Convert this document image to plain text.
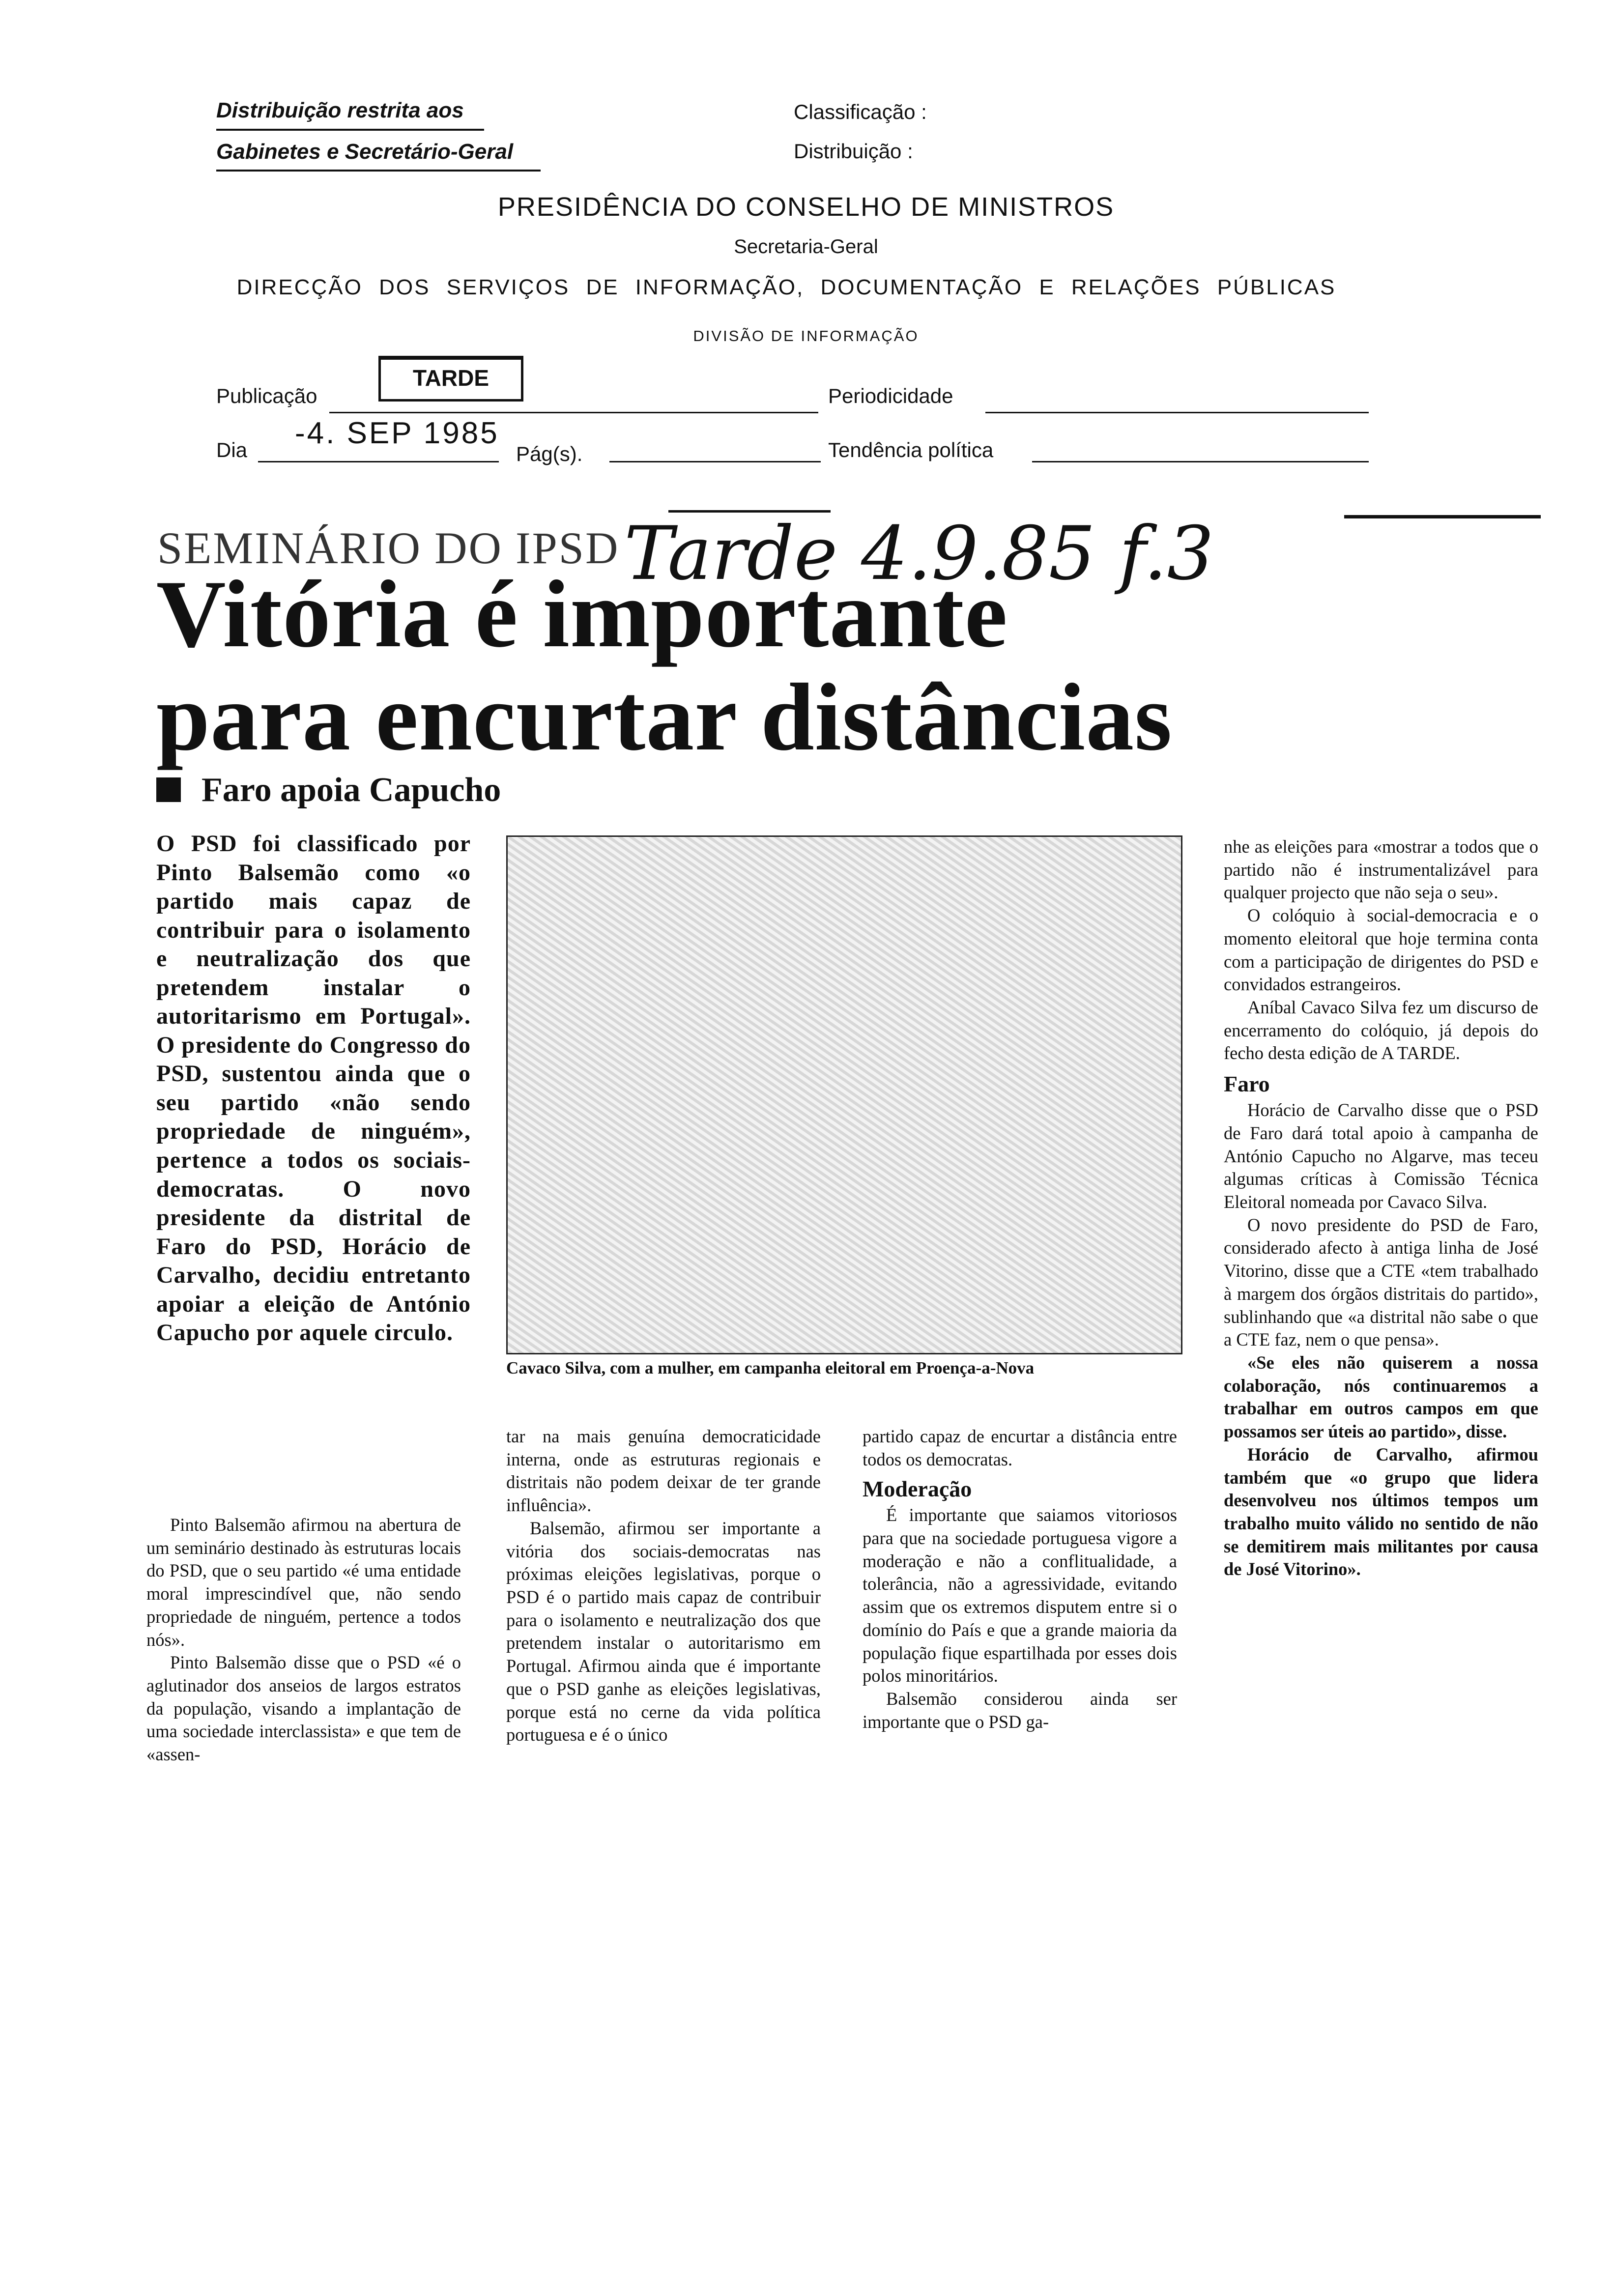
Distribuição restrita aos
Gabinetes e Secretário-Geral
Classificação :
Distribuição :
PRESIDÊNCIA DO CONSELHO DE MINISTROS
Secretaria-Geral
DIRECÇÃO DOS SERVIÇOS DE INFORMAÇÃO, DOCUMENTAÇÃO E RELAÇÕES PÚBLICAS
DIVISÃO DE INFORMAÇÃO
TARDE
Publicação	Periodicidade
Dia -4. SEP 1985
Pág(s).	Tendência política
SEMINÁRIO DO IPSD Tarde 4.9.85 f.3
Vitória é importante
para encurtar distâncias
Faro apoia Capucho
O PSD foi classificado por Pinto Balsemão como «o partido mais capaz de contribuir para o isolamento e neutralização dos que pretendem instalar o autoritarismo em Portugal». O presidente do Congresso do PSD, sustentou ainda que o seu partido «não sendo propriedade de ninguém», pertence a todos os sociais-democratas. O novo presidente da distrital de Faro do PSD, Horácio de Carvalho, decidiu entretanto apoiar a eleição de António Capucho por aquele circulo.
Cavaco Silva, com a mulher, em campanha eleitoral em Proença-a-Nova

Pinto Balsemão afirmou na abertura de um seminário destinado às estruturas locais do PSD, que o seu partido «é uma entidade moral imprescindível que, não sendo propriedade de ninguém, pertence a todos nós».

Pinto Balsemão disse que o PSD «é o aglutinador dos anseios de largos estratos da população, visando a implantação de uma sociedade interclassista» e que tem de «assen-

tar na mais genuína democraticidade interna, onde as estruturas regionais e distritais não podem deixar de ter grande influência».

Balsemão, afirmou ser importante a vitória dos sociais-democratas nas próximas eleições legislativas, porque o PSD é o partido mais capaz de contribuir para o isolamento e neutralização dos que pretendem instalar o autoritarismo em Portugal. Afirmou ainda que é importante que o PSD ganhe as eleições legislativas, porque está no cerne da vida política portuguesa e é o único

partido capaz de encurtar a distância entre todos os democratas.

Moderação

É importante que saiamos vitoriosos para que na sociedade portuguesa vigore a moderação e não a conflitualidade, a tolerância, não a agressividade, evitando assim que os extremos disputem entre si o domínio do País e que a grande maioria da população fique espartilhada por esses dois polos minoritários.

Balsemão considerou ainda ser importante que o PSD ga-

nhe as eleições para «mostrar a todos que o partido não é instrumentalizável para qualquer projecto que não seja o seu».

O colóquio à social-democracia e o momento eleitoral que hoje termina conta com a participação de dirigentes do PSD e convidados estrangeiros.

Aníbal Cavaco Silva fez um discurso de encerramento do colóquio, já depois do fecho desta edição de A TARDE.

Faro

Horácio de Carvalho disse que o PSD de Faro dará total apoio à campanha de António Capucho no Algarve, mas teceu algumas críticas à Comissão Técnica Eleitoral nomeada por Cavaco Silva.

O novo presidente do PSD de Faro, considerado afecto à antiga linha de José Vitorino, disse que a CTE «tem trabalhado à margem dos órgãos distritais do partido», sublinhando que «a distrital não sabe o que a CTE faz, nem o que pensa».

«Se eles não quiserem a nossa colaboração, nós continuaremos a trabalhar em outros campos em que possamos ser úteis ao partido», disse.

Horácio de Carvalho, afirmou também que «o grupo que lidera desenvolveu nos últimos tempos um trabalho muito válido no sentido de não se demitirem mais militantes por causa de José Vitorino».
